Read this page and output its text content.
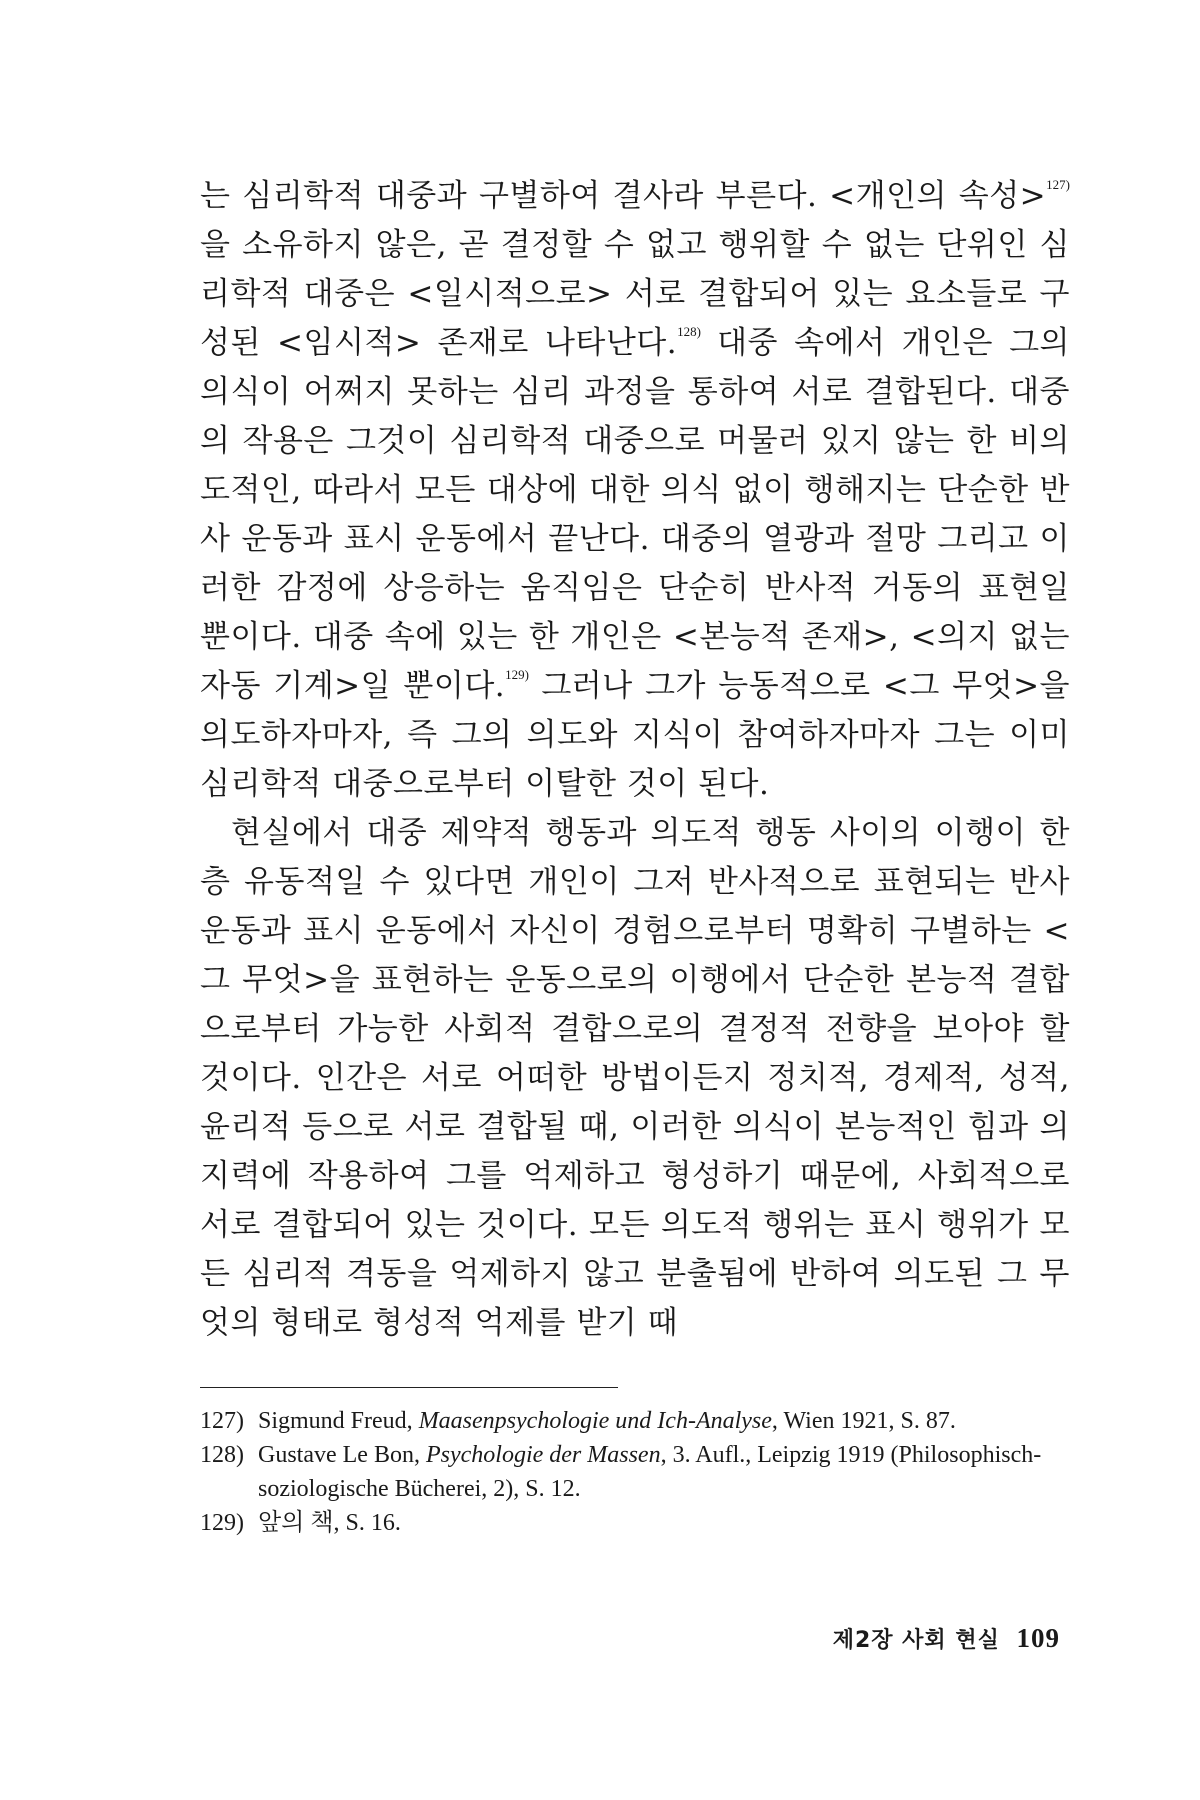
는 심리학적 대중과 구별하여 결사라 부른다. <개인의 속성>$^{127)}$을 소유하지 않은, 곧 결정할 수 없고 행위할 수 없는 단위인 심리학적 대중은 <일시적으로> 서로 결합되어 있는 요소들로 구성된 <임시적> 존재로 나타난다.$^{128)}$ 대중 속에서 개인은 그의 의식이 어쩌지 못하는 심리 과정을 통하여 서로 결합된다. 대중의 작용은 그것이 심리학적 대중으로 머물러 있지 않는 한 비의도적인, 따라서 모든 대상에 대한 의식 없이 행해지는 단순한 반사 운동과 표시 운동에서 끝난다. 대중의 열광과 절망 그리고 이러한 감정에 상응하는 움직임은 단순히 반사적 거동의 표현일 뿐이다. 대중 속에 있는 한 개인은 <본능적 존재>, <의지 없는 자동 기계>일 뿐이다.$^{129)}$ 그러나 그가 능동적으로 <그 무엇>을 의도하자마자, 즉 그의 의도와 지식이 참여하자마자 그는 이미 심리학적 대중으로부터 이탈한 것이 된다.

현실에서 대중 제약적 행동과 의도적 행동 사이의 이행이 한층 유동적일 수 있다면 개인이 그저 반사적으로 표현되는 반사 운동과 표시 운동에서 자신이 경험으로부터 명확히 구별하는 <그 무엇>을 표현하는 운동으로의 이행에서 단순한 본능적 결합으로부터 가능한 사회적 결합으로의 결정적 전향을 보아야 할 것이다. 인간은 서로 어떠한 방법이든지 정치적, 경제적, 성적, 윤리적 등으로 서로 결합될 때, 이러한 의식이 본능적인 힘과 의지력에 작용하여 그를 억제하고 형성하기 때문에, 사회적으로 서로 결합되어 있는 것이다. 모든 의도적 행위는 표시 행위가 모든 심리적 격동을 억제하지 않고 분출됨에 반하여 의도된 그 무엇의 형태로 형성적 억제를 받기 때

127) Sigmund Freud, Maasenpsychologie und Ich-Analyse, Wien 1921, S. 87.
128) Gustave Le Bon, Psychologie der Massen, 3. Aufl., Leipzig 1919 (Philosophisch-soziologische Bücherei, 2), S. 12.
129) 앞의 책, S. 16.
제2장 사회 현실 109
